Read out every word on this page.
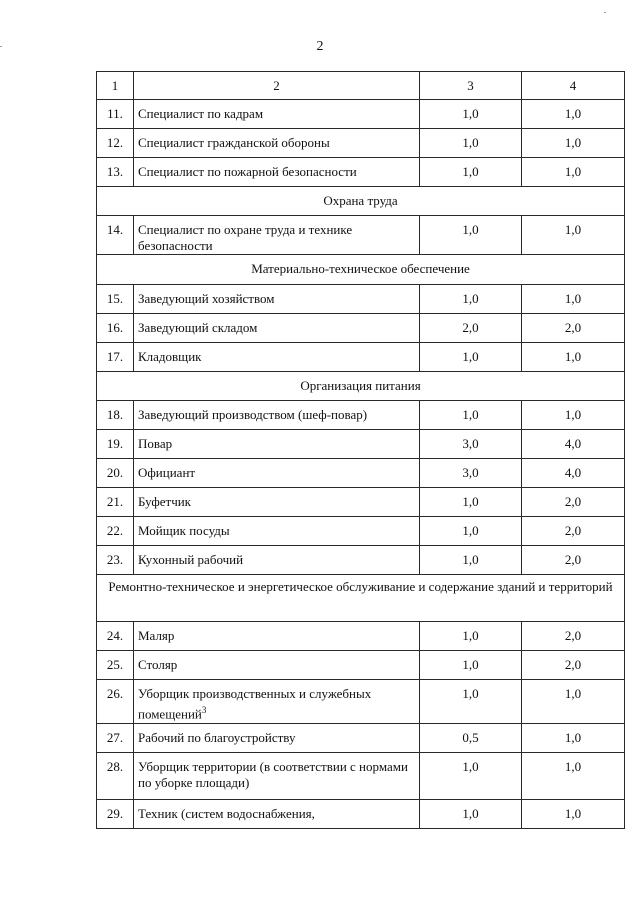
2
1	2	3	4
11.	Специалист по кадрам	1,0	1,0
12.	Специалист гражданской обороны	1,0	1,0
13.	Специалист по пожарной безопасности	1,0	1,0
Охрана труда			
14.	Специалист по охране труда и технике безопасности	1,0	1,0
Материально-техническое обеспечение			
15.	Заведующий хозяйством	1,0	1,0
16.	Заведующий складом	2,0	2,0
17.	Кладовщик	1,0	1,0
Организация питания			
18.	Заведующий производством (шеф-повар)	1,0	1,0
19.	Повар	3,0	4,0
20.	Официант	3,0	4,0
21.	Буфетчик	1,0	2,0
22.	Мойщик посуды	1,0	2,0
23.	Кухонный рабочий	1,0	2,0
Ремонтно-техническое и энергетическое обслуживание и содержание зданий и территорий			
24.	Маляр	1,0	2,0
25.	Столяр	1,0	2,0
26.	Уборщик производственных и служебных помещений$^3$	1,0	1,0
27.	Рабочий по благоустройству	0,5	1,0
28.	Уборщик территории (в соответствии с нормами по уборке площади)	1,0	1,0
29.	Техник (систем водоснабжения,	1,0	1,0
